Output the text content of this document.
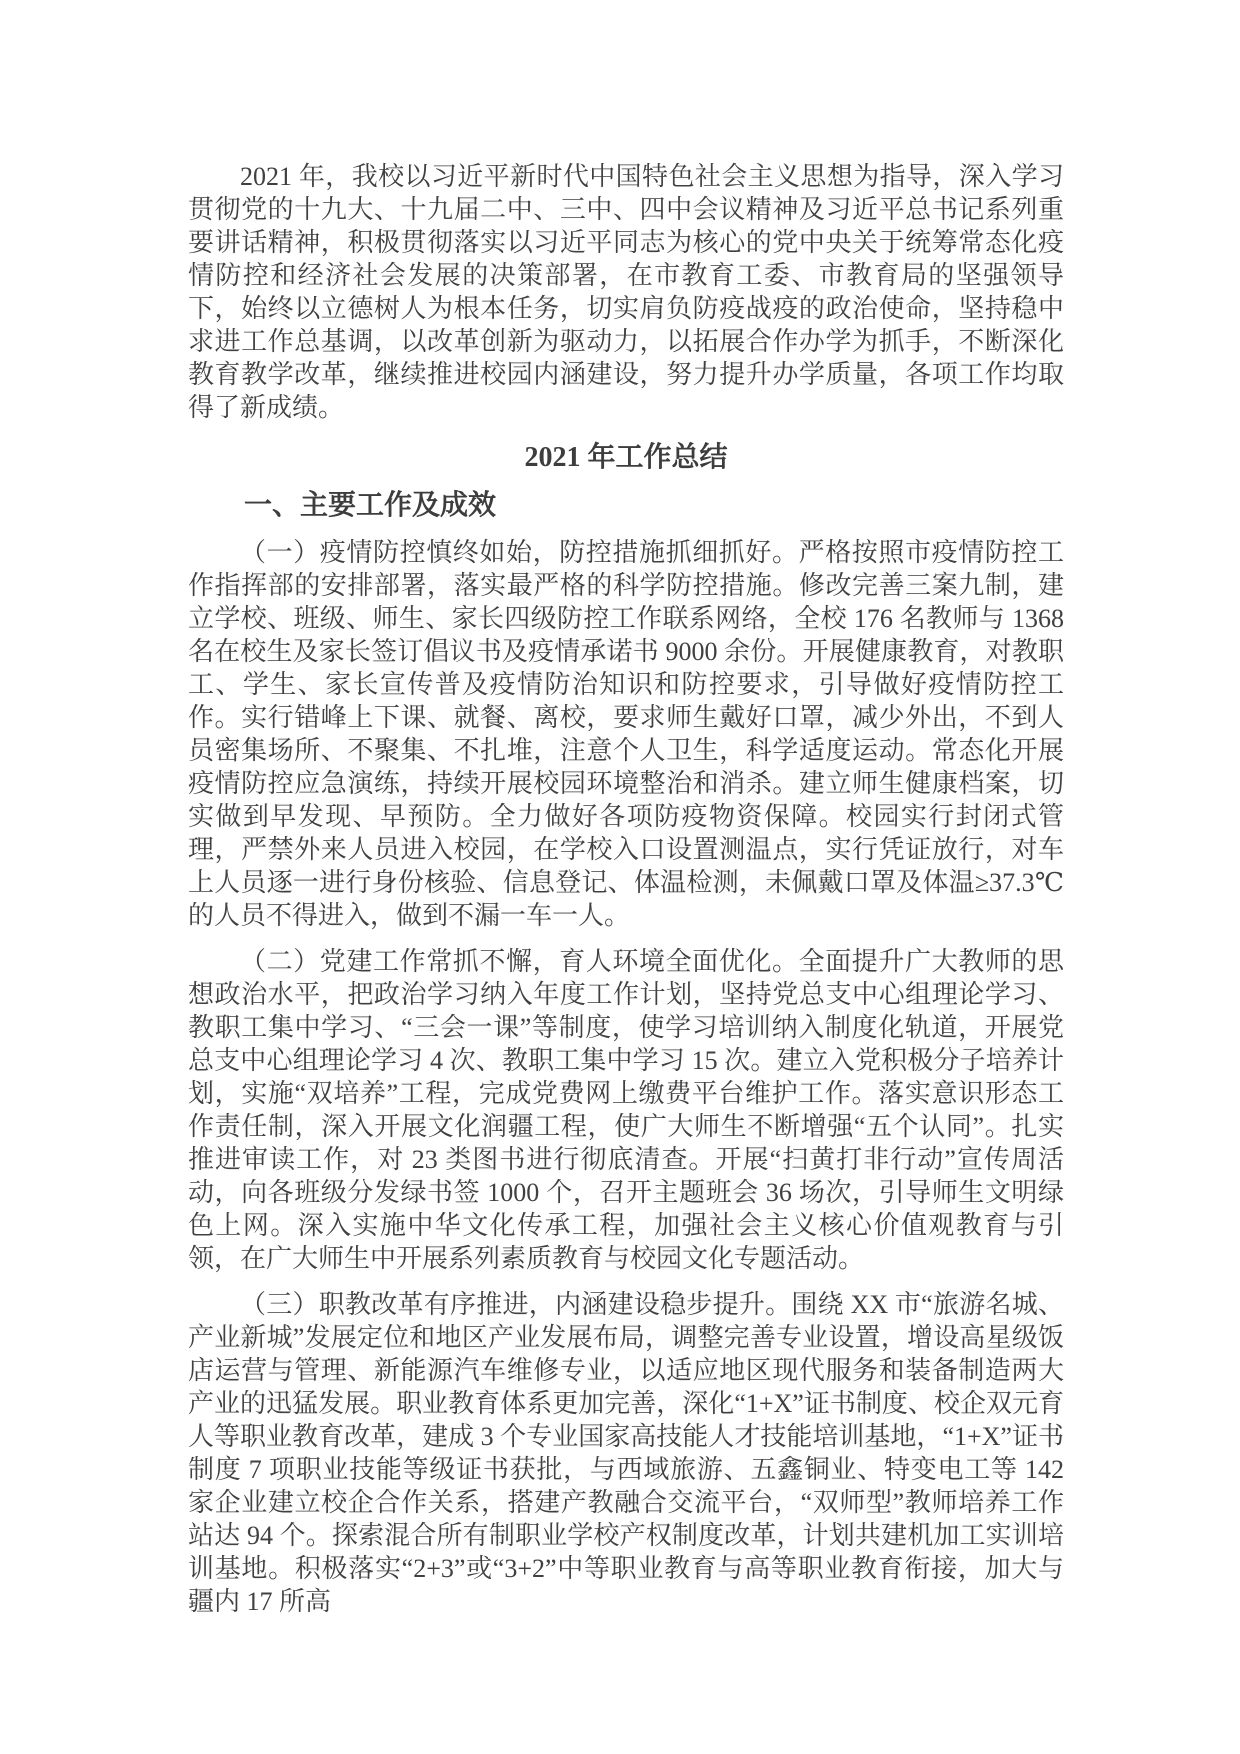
2021 年，我校以习近平新时代中国特色社会主义思想为指导，深入学习贯彻党的十九大、十九届二中、三中、四中会议精神及习近平总书记系列重要讲话精神，积极贯彻落实以习近平同志为核心的党中央关于统筹常态化疫情防控和经济社会发展的决策部署，在市教育工委、市教育局的坚强领导下，始终以立德树人为根本任务，切实肩负防疫战疫的政治使命，坚持稳中求进工作总基调，以改革创新为驱动力，以拓展合作办学为抓手，不断深化教育教学改革，继续推进校园内涵建设，努力提升办学质量，各项工作均取得了新成绩。

2021 年工作总结
一、主要工作及成效

（一）疫情防控慎终如始，防控措施抓细抓好。严格按照市疫情防控工作指挥部的安排部署，落实最严格的科学防控措施。修改完善三案九制，建立学校、班级、师生、家长四级防控工作联系网络，全校 176 名教师与 1368 名在校生及家长签订倡议书及疫情承诺书 9000 余份。开展健康教育，对教职工、学生、家长宣传普及疫情防治知识和防控要求，引导做好疫情防控工作。实行错峰上下课、就餐、离校，要求师生戴好口罩，减少外出，不到人员密集场所、不聚集、不扎堆，注意个人卫生，科学适度运动。常态化开展疫情防控应急演练，持续开展校园环境整治和消杀。建立师生健康档案，切实做到早发现、早预防。全力做好各项防疫物资保障。校园实行封闭式管理，严禁外来人员进入校园，在学校入口设置测温点，实行凭证放行，对车上人员逐一进行身份核验、信息登记、体温检测，未佩戴口罩及体温≥37.3℃的人员不得进入，做到不漏一车一人。

（二）党建工作常抓不懈，育人环境全面优化。全面提升广大教师的思想政治水平，把政治学习纳入年度工作计划，坚持党总支中心组理论学习、教职工集中学习、“三会一课”等制度，使学习培训纳入制度化轨道，开展党总支中心组理论学习 4 次、教职工集中学习 15 次。建立入党积极分子培养计划，实施“双培养”工程，完成党费网上缴费平台维护工作。落实意识形态工作责任制，深入开展文化润疆工程，使广大师生不断增强“五个认同”。扎实推进审读工作，对 23 类图书进行彻底清查。开展“扫黄打非行动”宣传周活动，向各班级分发绿书签 1000 个，召开主题班会 36 场次，引导师生文明绿色上网。深入实施中华文化传承工程，加强社会主义核心价值观教育与引领，在广大师生中开展系列素质教育与校园文化专题活动。

（三）职教改革有序推进，内涵建设稳步提升。围绕 XX 市“旅游名城、产业新城”发展定位和地区产业发展布局，调整完善专业设置，增设高星级饭店运营与管理、新能源汽车维修专业，以适应地区现代服务和装备制造两大产业的迅猛发展。职业教育体系更加完善，深化“1+X”证书制度、校企双元育人等职业教育改革，建成 3 个专业国家高技能人才技能培训基地，“1+X”证书制度 7 项职业技能等级证书获批，与西域旅游、五鑫铜业、特变电工等 142 家企业建立校企合作关系，搭建产教融合交流平台，“双师型”教师培养工作站达 94 个。探索混合所有制职业学校产权制度改革，计划共建机加工实训培训基地。积极落实“2+3”或“3+2”中等职业教育与高等职业教育衔接，加大与疆内 17 所高
